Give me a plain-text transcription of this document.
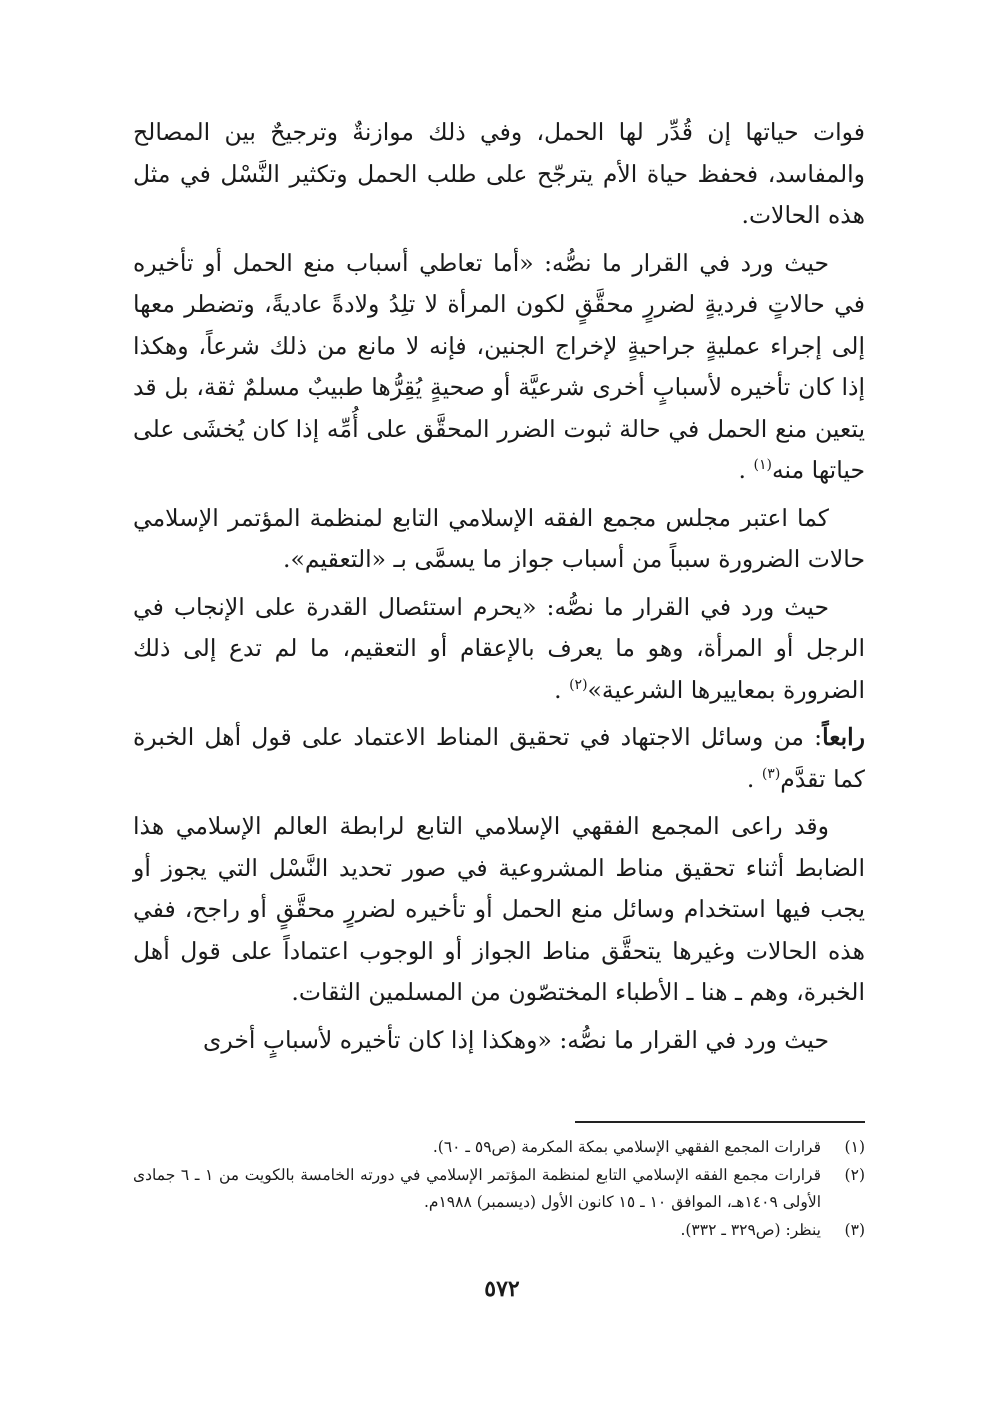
فوات حياتها إن قُدِّر لها الحمل، وفي ذلك موازنةٌ وترجيحٌ بين المصالح والمفاسد، فحفظ حياة الأم يترجّح على طلب الحمل وتكثير النَّسْل في مثل هذه الحالات.

حيث ورد في القرار ما نصُّه: «أما تعاطي أسباب منع الحمل أو تأخيره في حالاتٍ فرديةٍ لضررٍ محقَّقٍ لكون المرأة لا تلِدُ ولادةً عاديةً، وتضطر معها إلى إجراء عمليةٍ جراحيةٍ لإخراج الجنين، فإنه لا مانع من ذلك شرعاً، وهكذا إذا كان تأخيره لأسبابٍ أخرى شرعيَّة أو صحيةٍ يُقِرُّها طبيبٌ مسلمٌ ثقة، بل قد يتعين منع الحمل في حالة ثبوت الضرر المحقَّق على أُمِّه إذا كان يُخشَى على حياتها منه$^{(١)}$ .

كما اعتبر مجلس مجمع الفقه الإسلامي التابع لمنظمة المؤتمر الإسلامي حالات الضرورة سبباً من أسباب جواز ما يسمَّى بـ «التعقيم».

حيث ورد في القرار ما نصُّه: «يحرم استئصال القدرة على الإنجاب في الرجل أو المرأة، وهو ما يعرف بالإعقام أو التعقيم، ما لم تدع إلى ذلك الضرورة بمعاييرها الشرعية»$^{(٢)}$ .

رابعاً: من وسائل الاجتهاد في تحقيق المناط الاعتماد على قول أهل الخبرة كما تقدَّم$^{(٣)}$ .

وقد راعى المجمع الفقهي الإسلامي التابع لرابطة العالم الإسلامي هذا الضابط أثناء تحقيق مناط المشروعية في صور تحديد النَّسْل التي يجوز أو يجب فيها استخدام وسائل منع الحمل أو تأخيره لضررٍ محقَّقٍ أو راجح، ففي هذه الحالات وغيرها يتحقَّق مناط الجواز أو الوجوب اعتماداً على قول أهل الخبرة، وهم ـ هنا ـ الأطباء المختصّون من المسلمين الثقات.

حيث ورد في القرار ما نصُّه: «وهكذا إذا كان تأخيره لأسبابٍ أخرى

(١)
قرارات المجمع الفقهي الإسلامي بمكة المكرمة (ص٥٩ ـ ٦٠).
(٢)
قرارات مجمع الفقه الإسلامي التابع لمنظمة المؤتمر الإسلامي في دورته الخامسة بالكويت من ١ ـ ٦ جمادى الأولى ١٤٠٩هـ، الموافق ١٠ ـ ١٥ كانون الأول (ديسمبر) ١٩٨٨م.
(٣)
ينظر: (ص٣٢٩ ـ ٣٣٢).
٥٧٢
